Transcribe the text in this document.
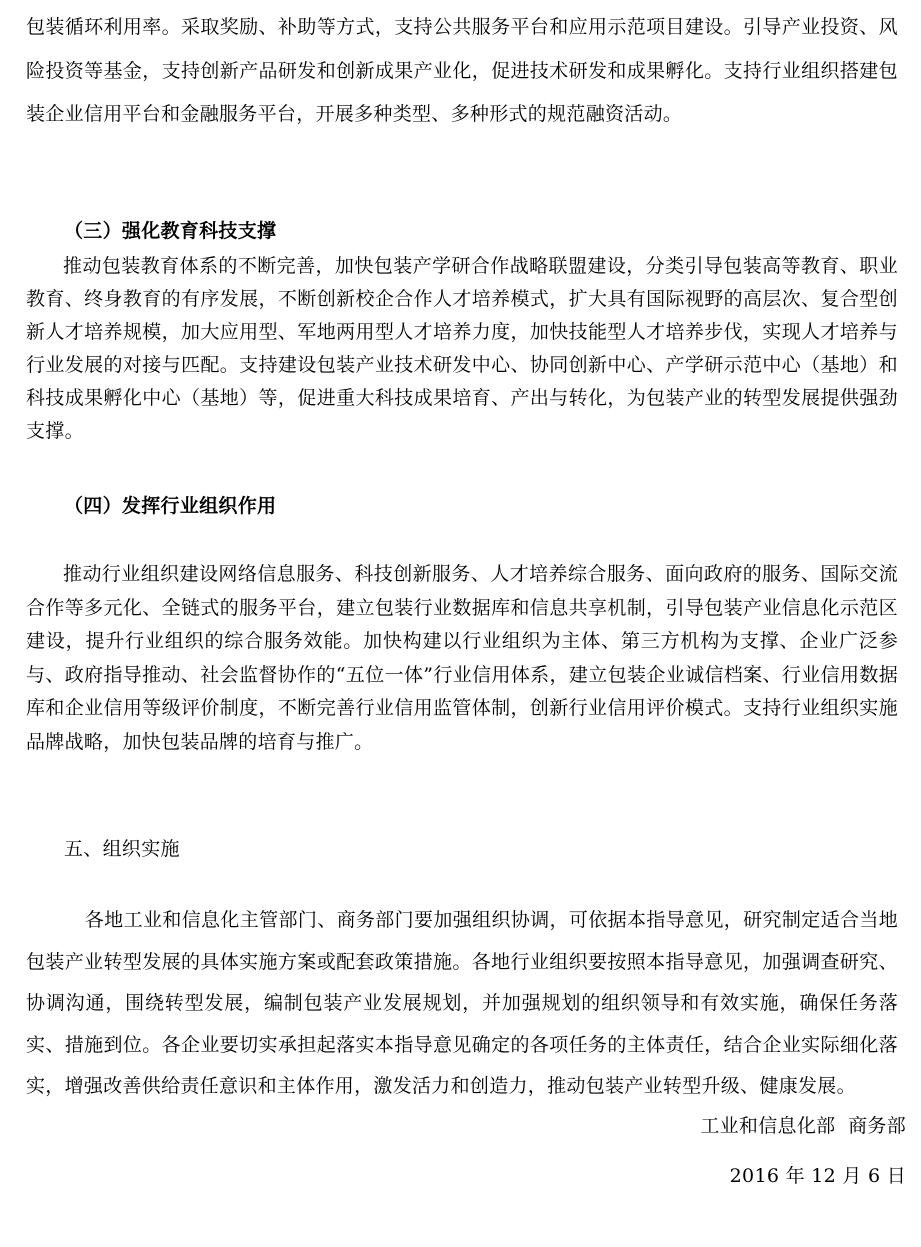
包装循环利用率。采取奖励、补助等方式，支持公共服务平台和应用示范项目建设。引导产业投资、风险投资等基金，支持创新产品研发和创新成果产业化，促进技术研发和成果孵化。支持行业组织搭建包装企业信用平台和金融服务平台，开展多种类型、多种形式的规范融资活动。

（三）强化教育科技支撑

推动包装教育体系的不断完善，加快包装产学研合作战略联盟建设，分类引导包装高等教育、职业教育、终身教育的有序发展，不断创新校企合作人才培养模式，扩大具有国际视野的高层次、复合型创新人才培养规模，加大应用型、军地两用型人才培养力度，加快技能型人才培养步伐，实现人才培养与行业发展的对接与匹配。支持建设包装产业技术研发中心、协同创新中心、产学研示范中心（基地）和科技成果孵化中心（基地）等，促进重大科技成果培育、产出与转化，为包装产业的转型发展提供强劲支撑。

（四）发挥行业组织作用

推动行业组织建设网络信息服务、科技创新服务、人才培养综合服务、面向政府的服务、国际交流合作等多元化、全链式的服务平台，建立包装行业数据库和信息共享机制，引导包装产业信息化示范区建设，提升行业组织的综合服务效能。加快构建以行业组织为主体、第三方机构为支撑、企业广泛参与、政府指导推动、社会监督协作的“五位一体”行业信用体系，建立包装企业诚信档案、行业信用数据库和企业信用等级评价制度，不断完善行业信用监管体制，创新行业信用评价模式。支持行业组织实施品牌战略，加快包装品牌的培育与推广。

五、组织实施

各地工业和信息化主管部门、商务部门要加强组织协调，可依据本指导意见，研究制定适合当地包装产业转型发展的具体实施方案或配套政策措施。各地行业组织要按照本指导意见，加强调查研究、协调沟通，围绕转型发展，编制包装产业发展规划，并加强规划的组织领导和有效实施，确保任务落实、措施到位。各企业要切实承担起落实本指导意见确定的各项任务的主体责任，结合企业实际细化落实，增强改善供给责任意识和主体作用，激发活力和创造力，推动包装产业转型升级、健康发展。

工业和信息化部  商务部

2016 年 12 月 6 日
